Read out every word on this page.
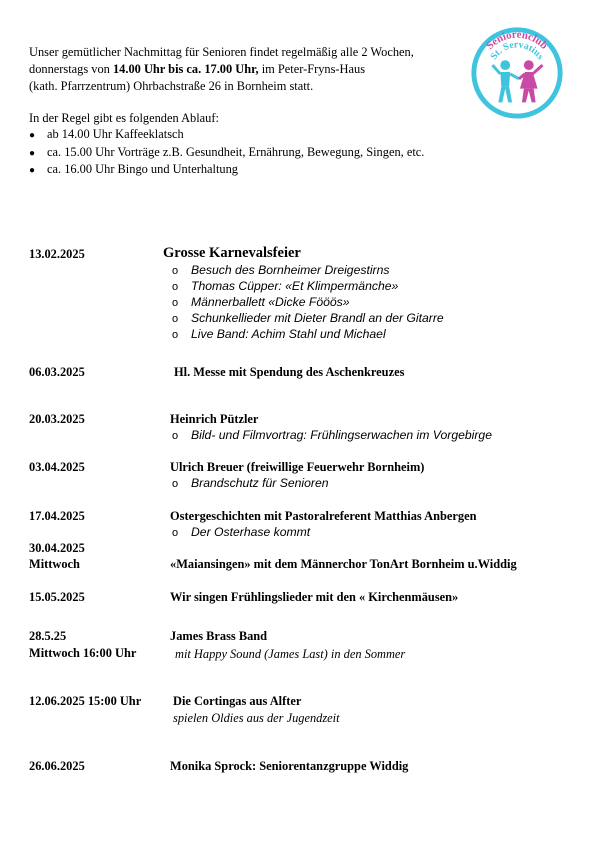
Unser gemütlicher Nachmittag für Senioren findet regelmäßig alle 2 Wochen,
donnerstags von 14.00 Uhr bis ca. 17.00 Uhr, im Peter-Fryns-Haus
(kath. Pfarrzentrum) Ohrbachstraße 26 in Bornheim statt.
Seniorenclub
St. Servatius
In der Regel gibt es folgenden Ablauf:
● ab 14.00 Uhr Kaffeeklatsch
● ca. 15.00 Uhr Vorträge z.B. Gesundheit, Ernährung, Bewegung, Singen, etc.
● ca. 16.00 Uhr Bingo und Unterhaltung
13.02.2025	Grosse Karnevalsfeier
o Besuch des Bornheimer Dreigestirns
o Thomas Cüpper: «Et Klimpermänche»
o Männerballett «Dicke Fööös»
o Schunkellieder mit Dieter Brandl an der Gitarre
o Live Band: Achim Stahl und Michael
06.03.2025	Hl. Messe mit Spendung des Aschenkreuzes
20.03.2025	Heinrich Pützler
o Bild- und Filmvortrag: Frühlingserwachen im Vorgebirge
03.04.2025	Ulrich Breuer (freiwillige Feuerwehr Bornheim)
o Brandschutz für Senioren
17.04.2025	Ostergeschichten mit Pastoralreferent Matthias Anbergen
o Der Osterhase kommt
30.04.2025
Mittwoch	«Maiansingen» mit dem Männerchor TonArt Bornheim u.Widdig
15.05.2025	Wir singen Frühlingslieder mit den « Kirchenmäusen»
28.5.25	James Brass Band
Mittwoch 16:00 Uhr	mit Happy Sound (James Last) in den Sommer
12.06.2025 15:00 Uhr	Die Cortingas aus Alfter
spielen Oldies aus der Jugendzeit
26.06.2025	Monika Sprock: Seniorentanzgruppe Widdig
